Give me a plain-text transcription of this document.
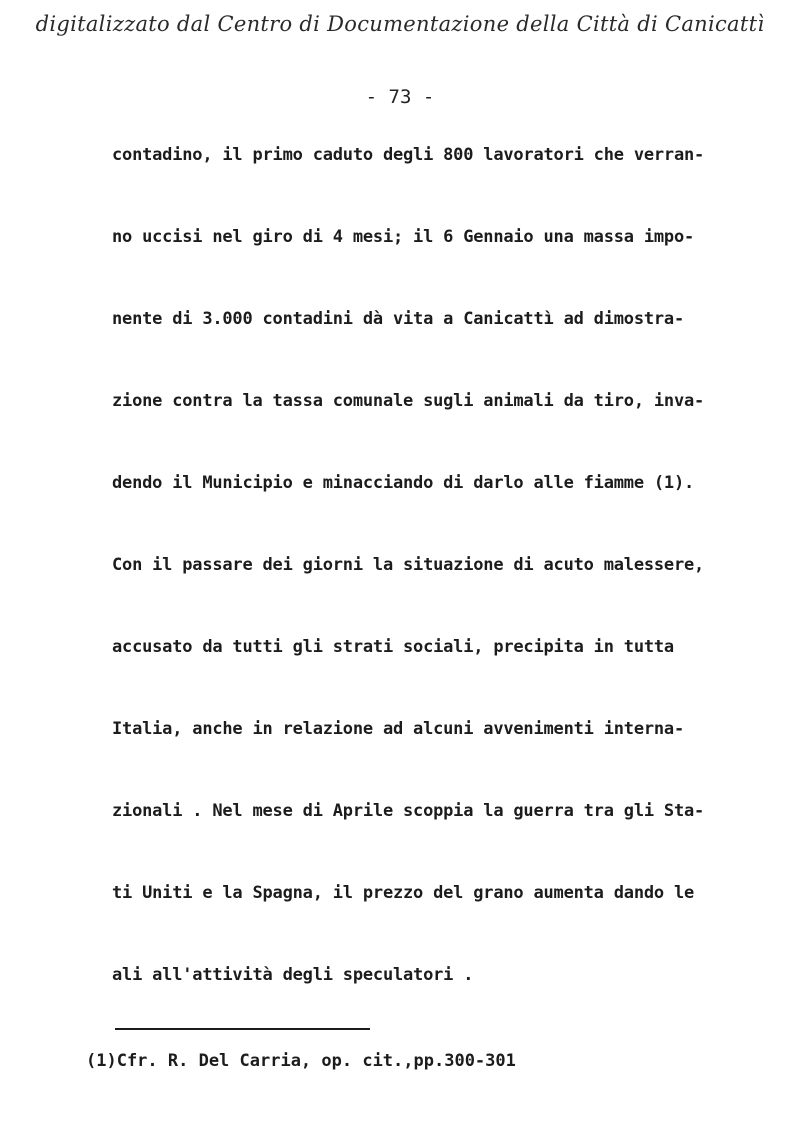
digitalizzato dal Centro di Documentazione della Città di Canicattì
- 73 -
contadino, il primo caduto degli 800 lavoratori che verran-
no uccisi nel giro di 4 mesi; il 6 Gennaio una massa impo-
nente di 3.000 contadini dà vita a Canicattì ad dimostra-
zione contra la tassa comunale sugli animali da tiro, inva-
dendo il Municipio e minacciando di darlo alle fiamme (1).
Con il passare dei giorni la situazione di acuto malessere,
accusato da tutti gli strati sociali, precipita in tutta
Italia, anche in relazione ad alcuni avvenimenti interna-
zionali . Nel mese di Aprile scoppia la guerra tra gli Sta-
ti Uniti e la Spagna, il prezzo del grano aumenta dando le
ali all'attività degli speculatori .
(1)Cfr. R. Del Carria, op. cit.,pp.300-301
